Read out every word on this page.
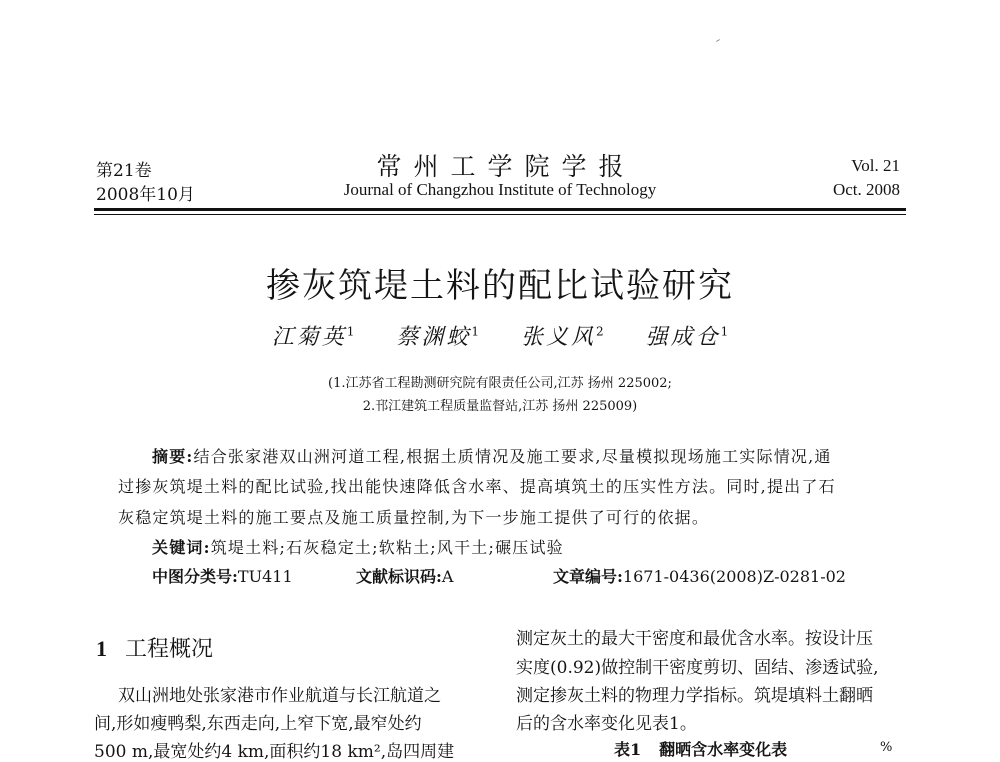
第21卷
2008年10月
常州工学院学报
Journal of Changzhou Institute of Technology
Vol. 21
Oct. 2008
掺灰筑堤土料的配比试验研究
江菊英$^1$ 蔡渊蛟$^1$ 张义风$^2$ 强成仓$^1$
(1.江苏省工程勘测研究院有限责任公司,江苏 扬州 225002;
2.邗江建筑工程质量监督站,江苏 扬州 225009)
摘要:结合张家港双山洲河道工程,根据土质情况及施工要求,尽量模拟现场施工实际情况,通
过掺灰筑堤土料的配比试验,找出能快速降低含水率、提高填筑土的压实性方法。同时,提出了石
灰稳定筑堤土料的施工要点及施工质量控制,为下一步施工提供了可行的依据。
关键词:筑堤土料;石灰稳定土;软粘土;风干土;碾压试验
中图分类号:TU411	文献标识码:A	文章编号:1671-0436(2008)Z-0281-02
1 工程概况
双山洲地处张家港市作业航道与长江航道之
间,形如瘦鸭梨,东西走向,上窄下宽,最窄处约
500 m,最宽处约4 km,面积约18 km²,岛四周建
测定灰土的最大干密度和最优含水率。按设计压
实度(0.92)做控制干密度剪切、固结、渗透试验,
测定掺灰土料的物理力学指标。筑堤填料土翻晒
后的含水率变化见表1。
表1 翻晒含水率变化表	%
